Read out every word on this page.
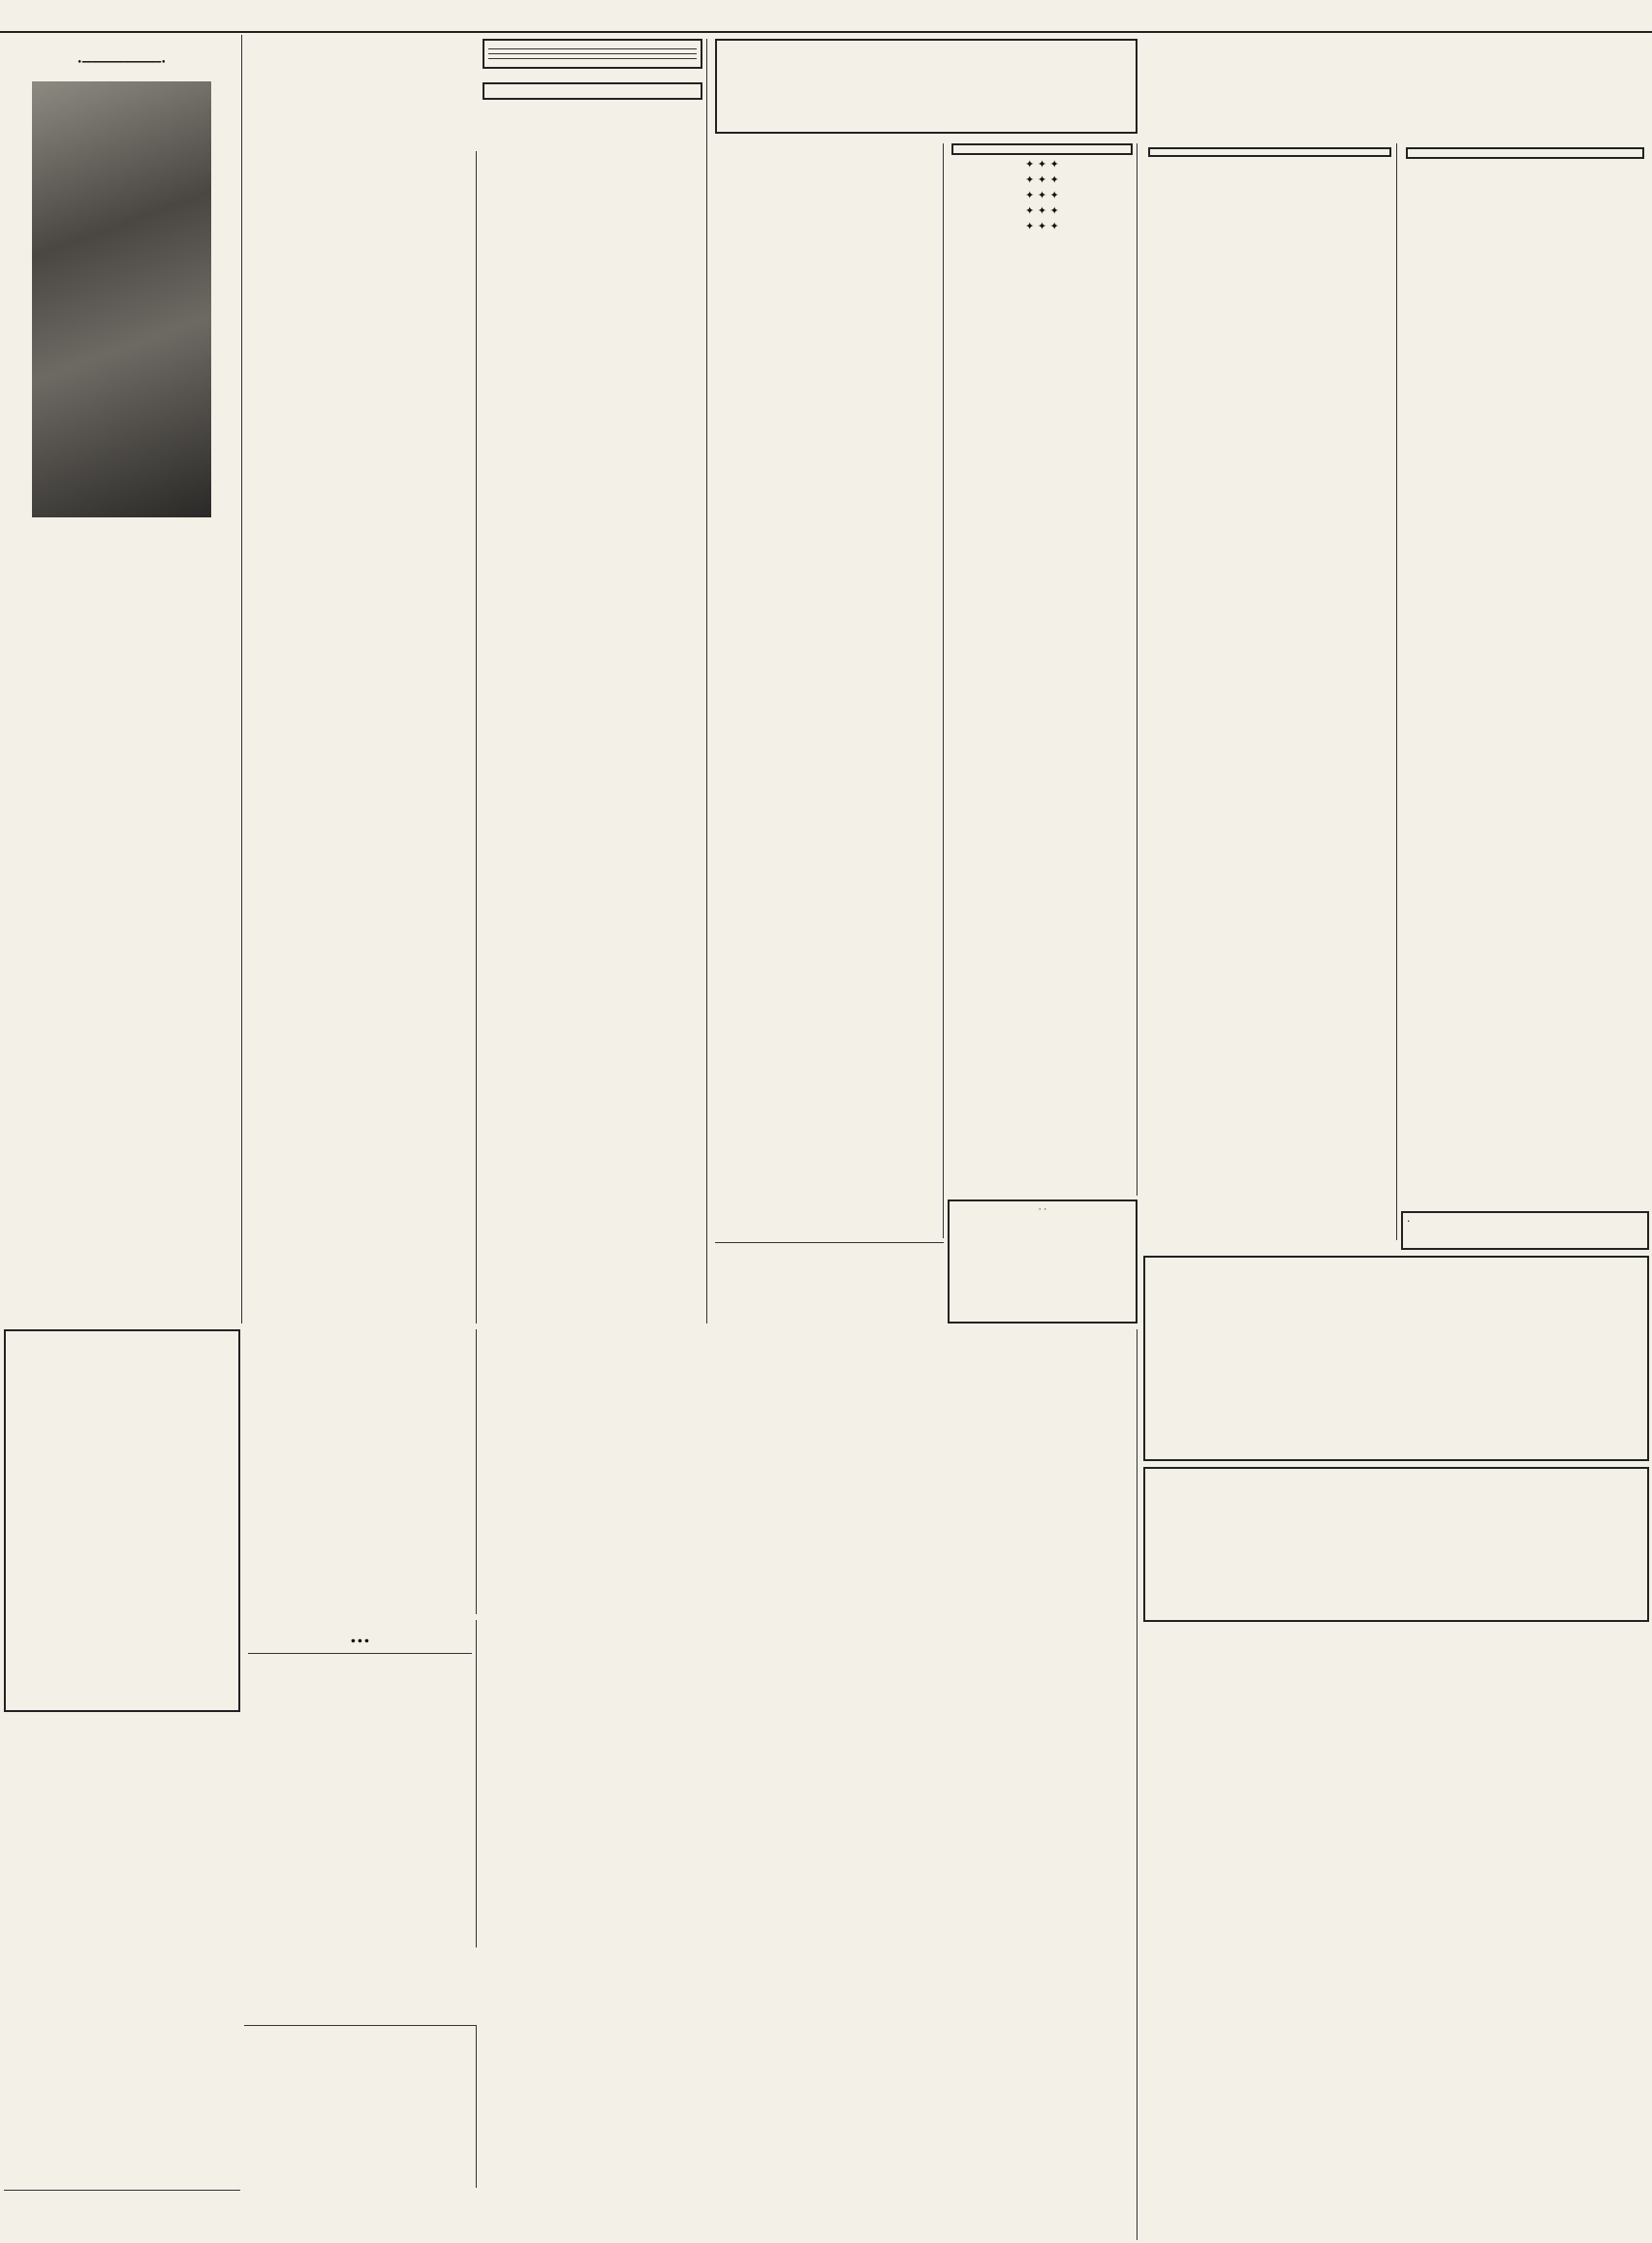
•━━━━━━━━━━━━━━━•

✦ ✦ ✦

✦ ✦ ✦

✦ ✦ ✦

✦ ✦ ✦

✦ ✦ ✦

· ·

·

...
